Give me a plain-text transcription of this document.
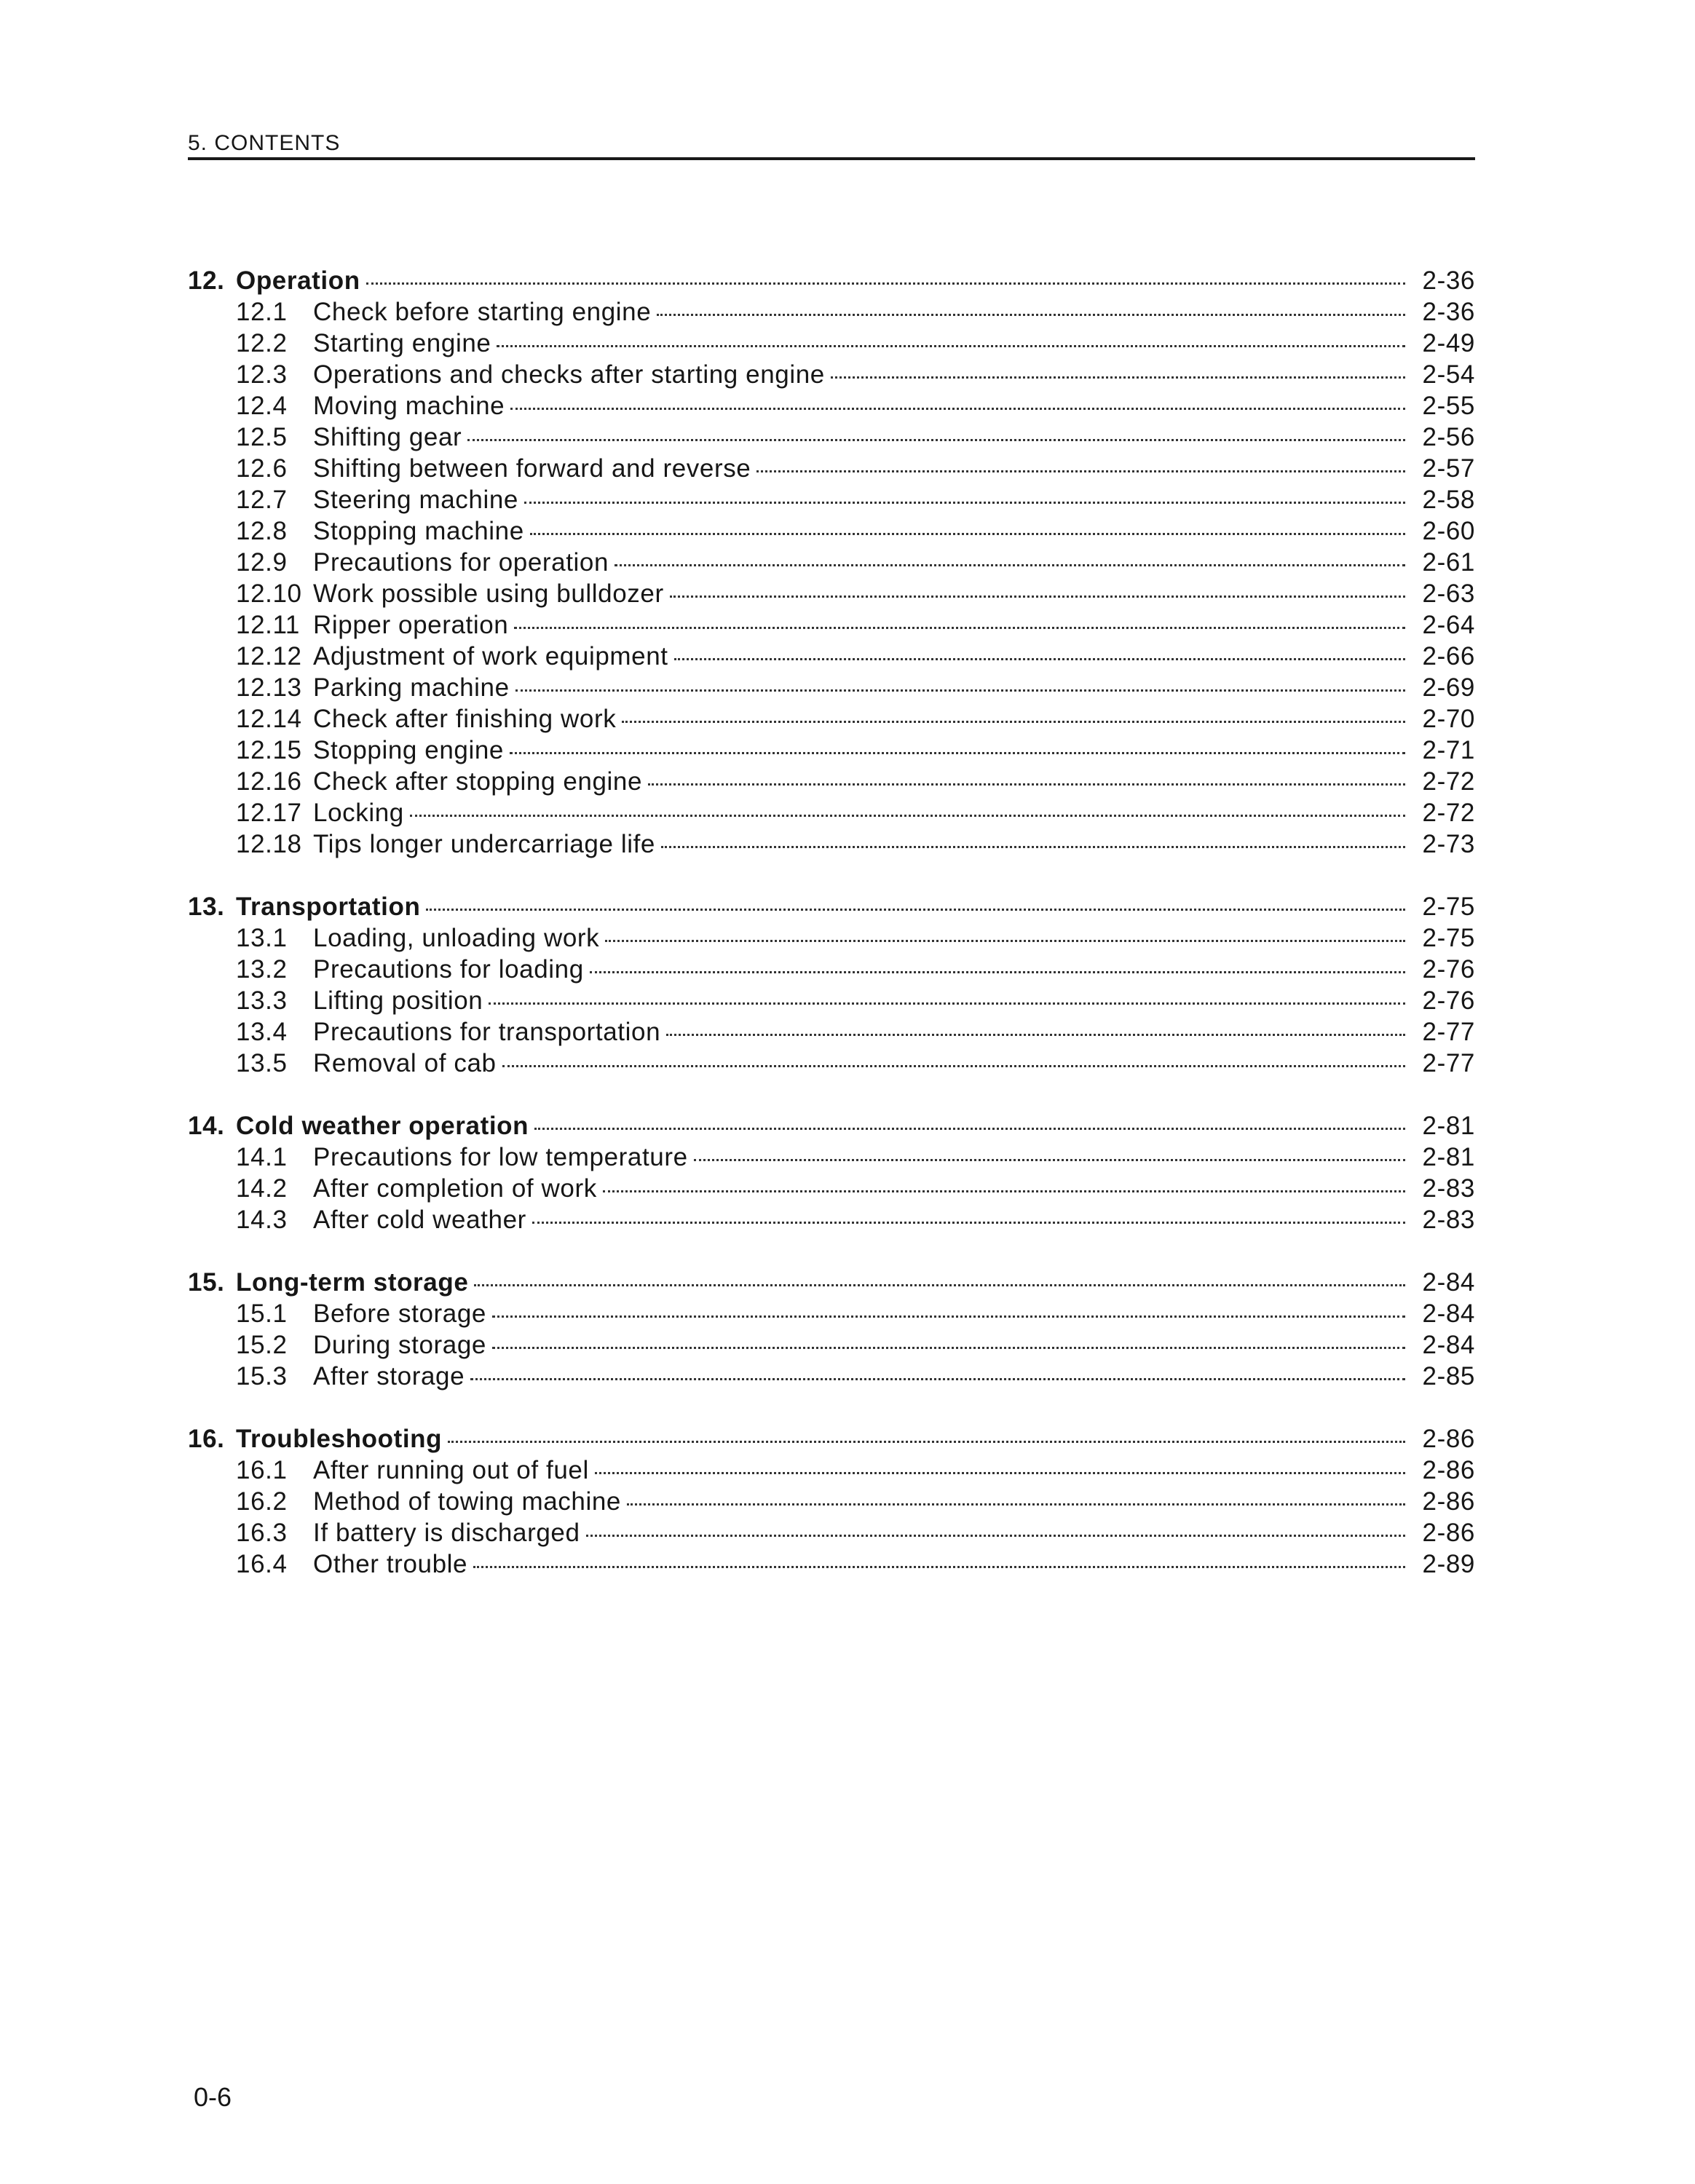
5. CONTENTS
12. Operation	2-36
12.1	Check before starting engine	2-36
12.2	Starting engine	2-49
12.3	Operations and checks after starting engine	2-54
12.4	Moving machine	2-55
12.5	Shifting gear	2-56
12.6	Shifting between forward and reverse	2-57
12.7	Steering machine	2-58
12.8	Stopping machine	2-60
12.9	Precautions for operation	2-61
12.10 Work possible using bulldozer	2-63
12.11 Ripper operation	2-64
12.12 Adjustment of work equipment	2-66
12.13 Parking machine	2-69
12.14 Check after finishing work	2-70
12.15 Stopping engine	2-71
12.16 Check after stopping engine	2-72
12.17 Locking	2-72
12.18 Tips longer undercarriage life	2-73
13. Transportation	2-75
13.1	Loading, unloading work	2-75
13.2	Precautions for loading	2-76
13.3	Lifting position	2-76
13.4	Precautions for transportation	2-77
13.5	Removal of cab	2-77
14. Cold weather operation	2-81
14.1	Precautions for low temperature	2-81
14.2	After completion of work	2-83
14.3	After cold weather	2-83
15. Long-term storage	2-84
15.1	Before storage	2-84
15.2	During storage	2-84
15.3	After storage	2-85
16. Troubleshooting	2-86
16.1	After running out of fuel	2-86
16.2	Method of towing machine	2-86
16.3	If battery is discharged	2-86
16.4	Other trouble	2-89
0-6
